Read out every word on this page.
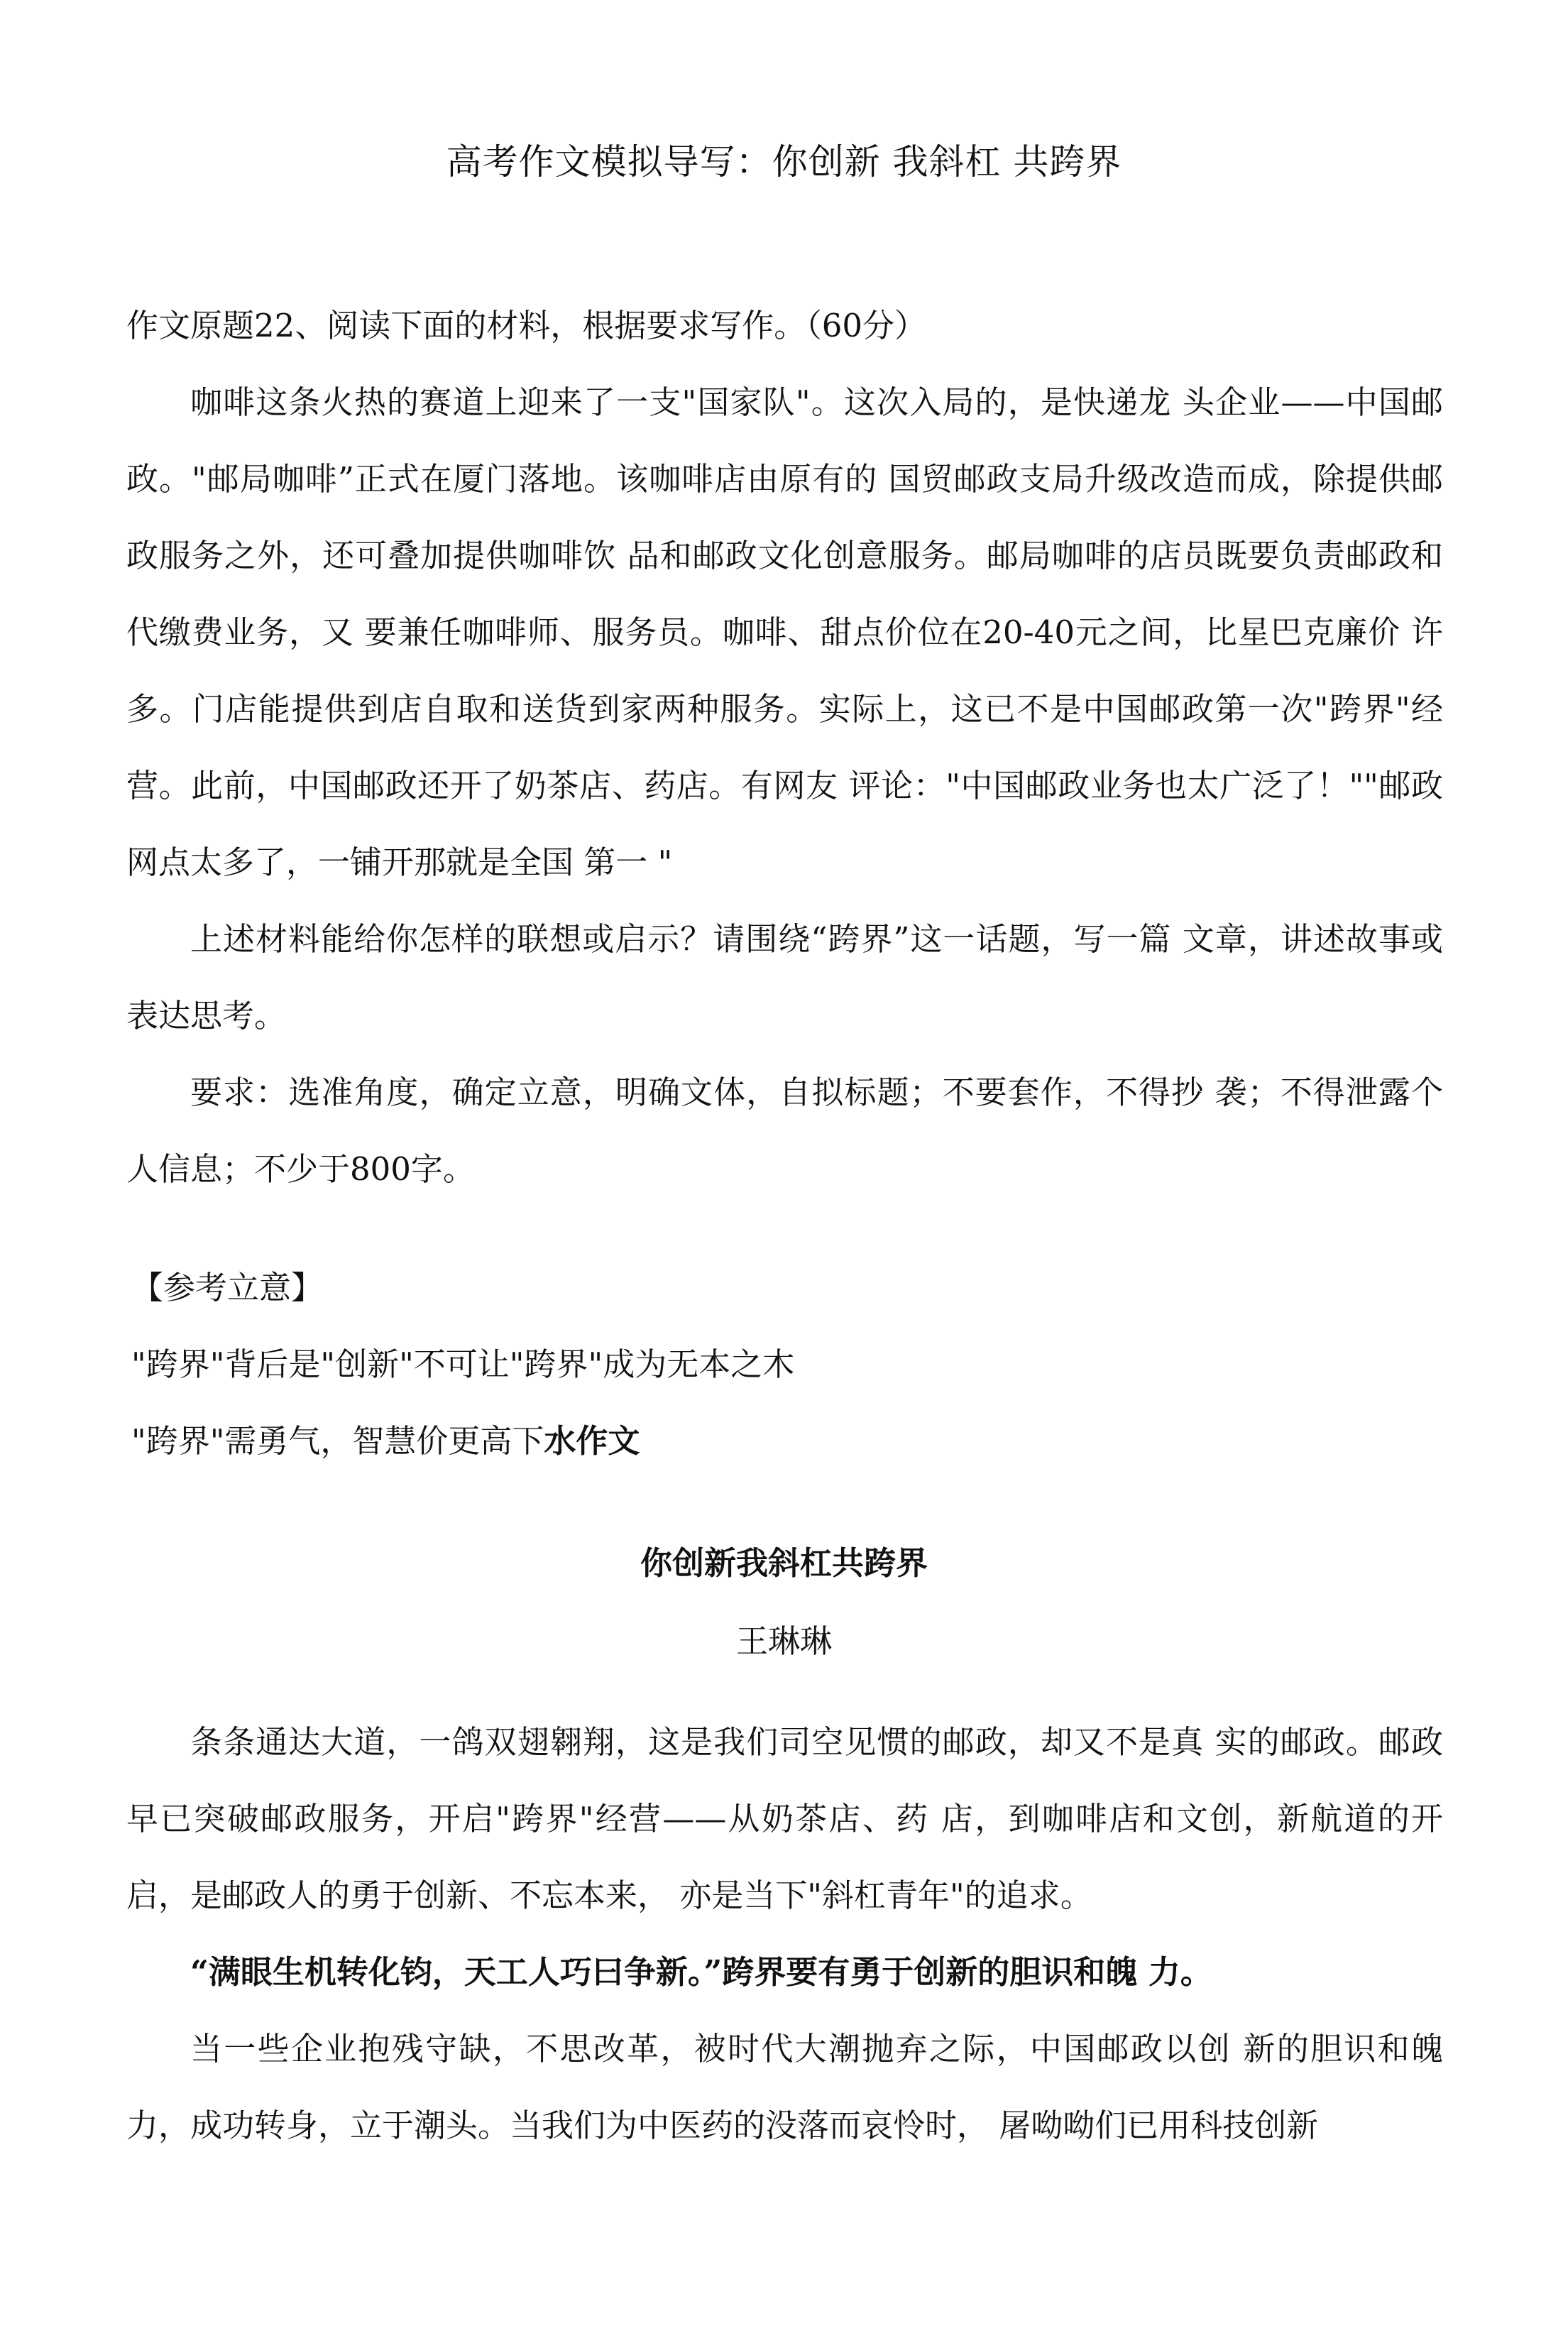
高考作文模拟导写：你创新 我斜杠 共跨界

作文原题22、阅读下面的材料，根据要求写作。（60分）

咖啡这条火热的赛道上迎来了一支"国家队"。这次入局的，是快递龙 头企业——中国邮政。"邮局咖啡”正式在厦门落地。该咖啡店由原有的 国贸邮政支局升级改造而成，除提供邮政服务之外，还可叠加提供咖啡饮 品和邮政文化创意服务。邮局咖啡的店员既要负责邮政和代缴费业务，又 要兼任咖啡师、服务员。咖啡、甜点价位在20-40元之间，比星巴克廉价 许多。门店能提供到店自取和送货到家两种服务。实际上，这已不是中国邮政第一次"跨界"经营。此前，中国邮政还开了奶茶店、药店。有网友 评论："中国邮政业务也太广泛了！""邮政网点太多了，一铺开那就是全国 第一 "

上述材料能给你怎样的联想或启示？请围绕“跨界”这一话题，写一篇 文章，讲述故事或表达思考。

要求：选准角度，确定立意，明确文体，自拟标题；不要套作，不得抄 袭；不得泄露个人信息；不少于800字。

【参考立意】

"跨界"背后是"创新"不可让"跨界"成为无本之木

"跨界"需勇气，智慧价更高下水作文

你创新我斜杠共跨界
王琳琳

条条通达大道，一鸽双翅翱翔，这是我们司空见惯的邮政，却又不是真 实的邮政。邮政早已突破邮政服务，开启"跨界"经营——从奶茶店、药 店，到咖啡店和文创，新航道的开启，是邮政人的勇于创新、不忘本来， 亦是当下"斜杠青年"的追求。

“满眼生机转化钧，天工人巧曰争新。”跨界要有勇于创新的胆识和魄 力。

当一些企业抱残守缺，不思改革，被时代大潮抛弃之际，中国邮政以创 新的胆识和魄力，成功转身，立于潮头。当我们为中医药的没落而哀怜时， 屠呦呦们已用科技创新
